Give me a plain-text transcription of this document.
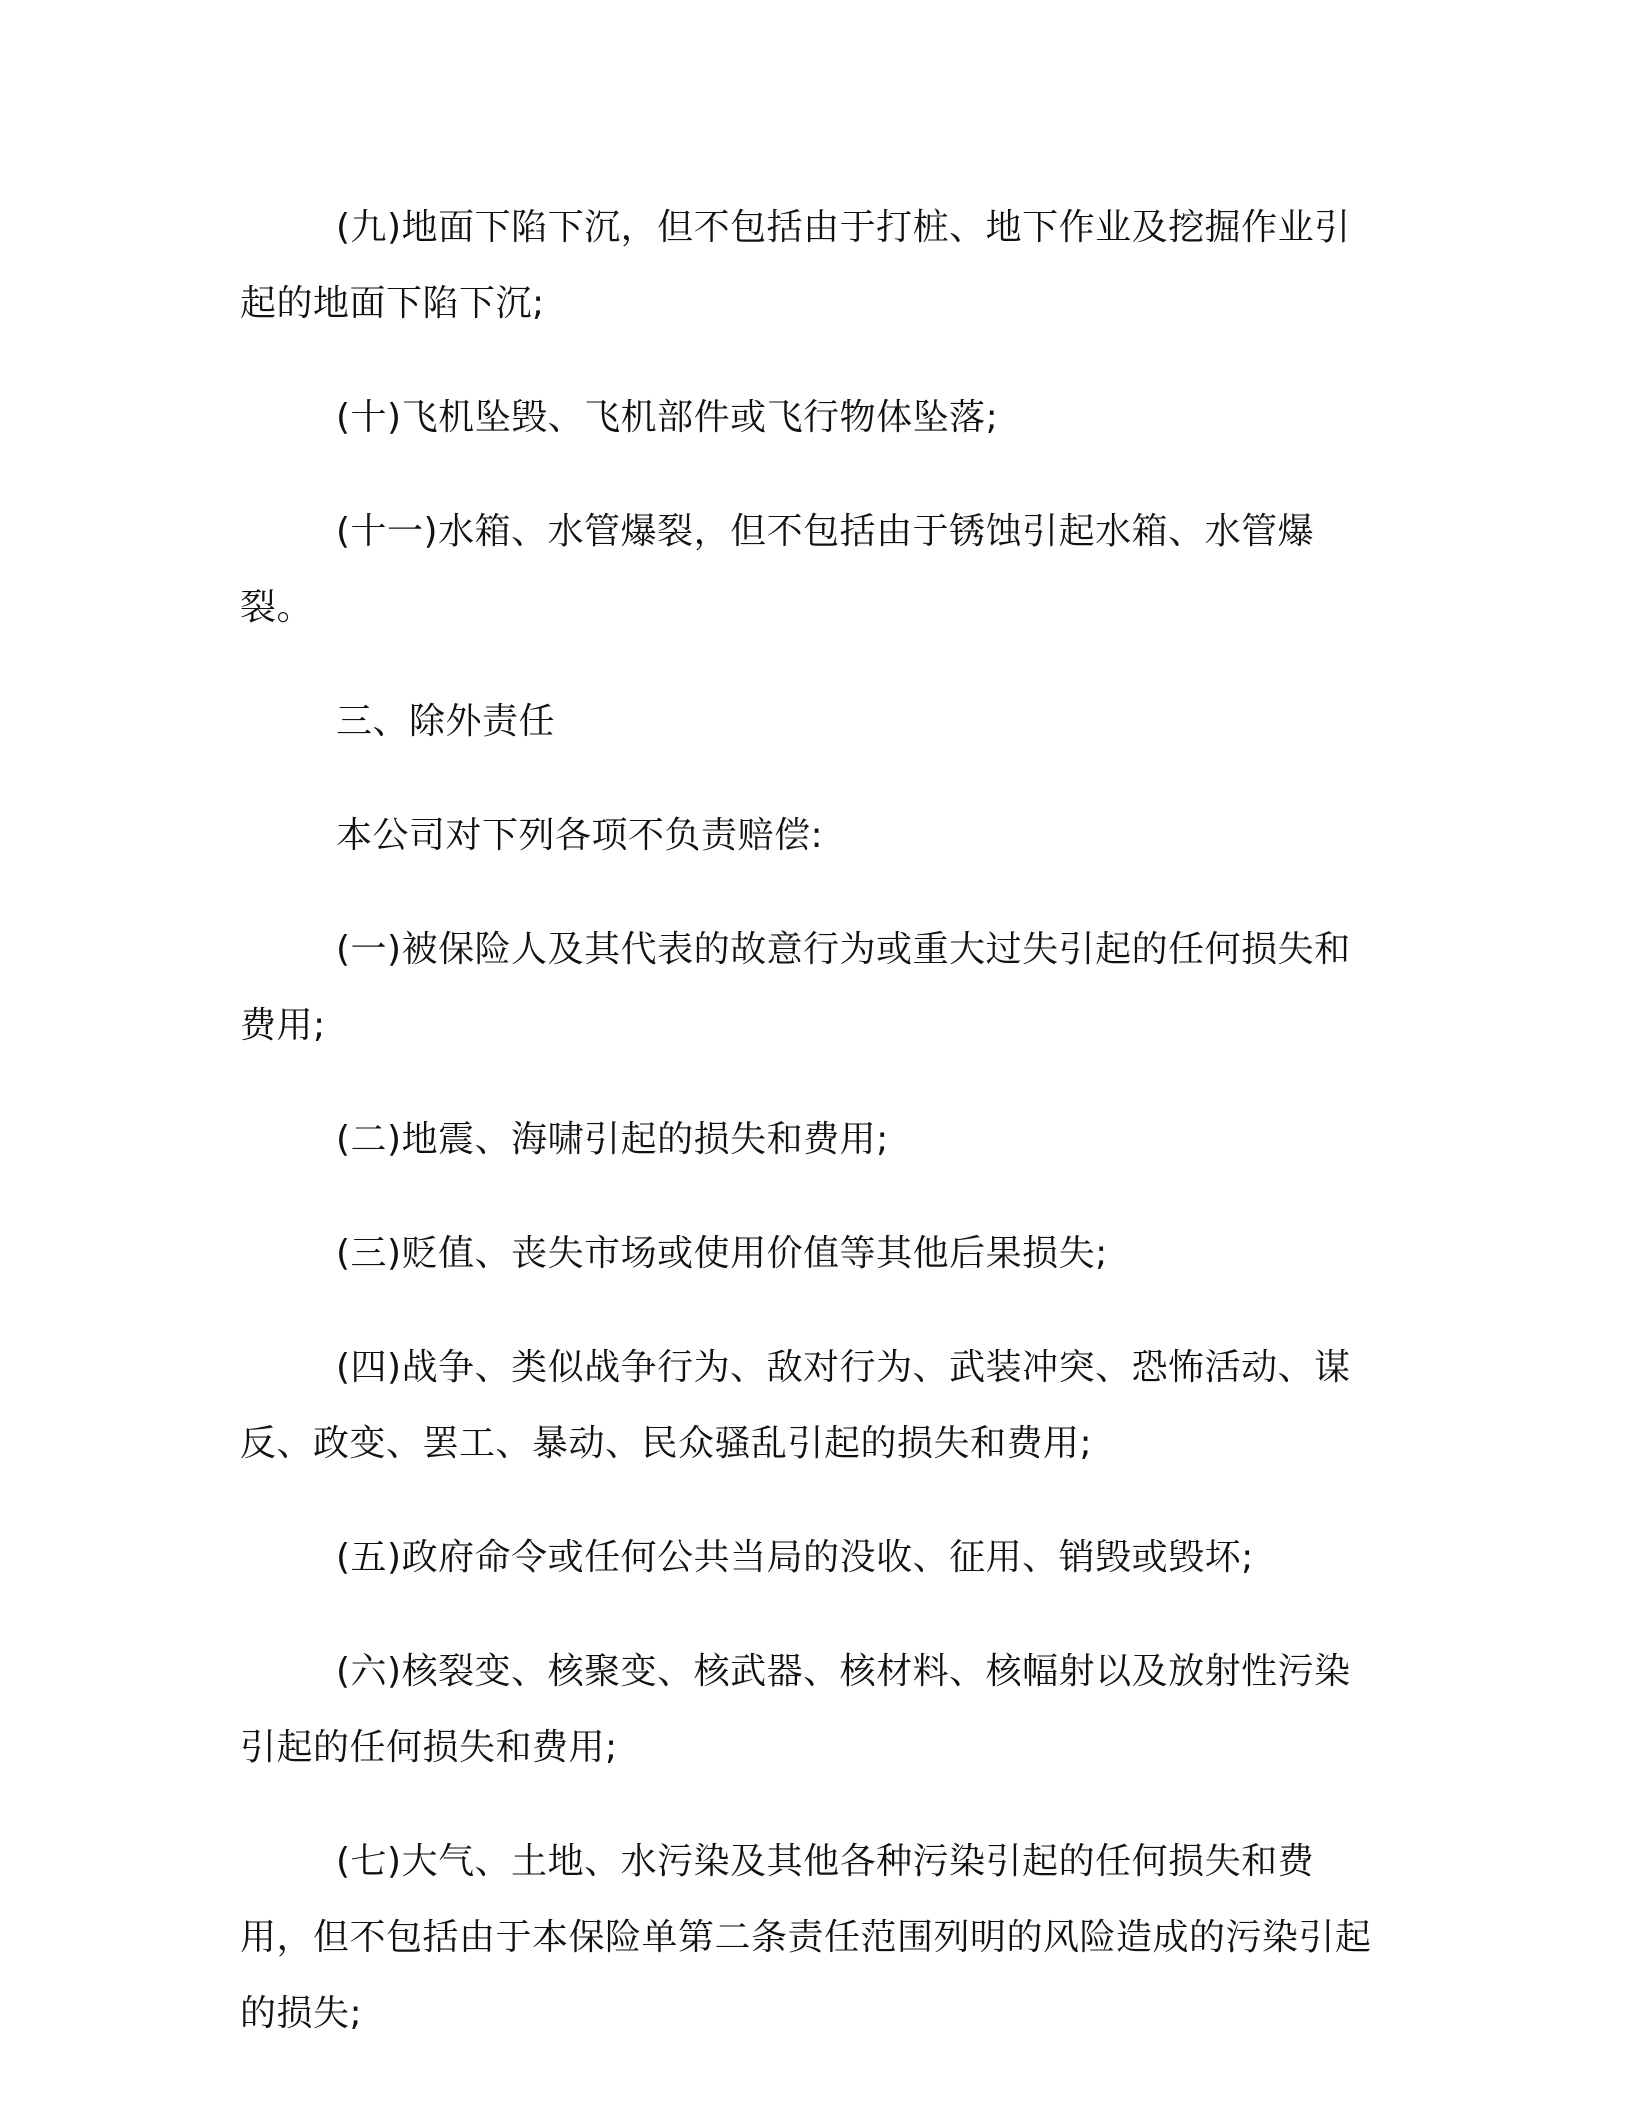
(九)地面下陷下沉，但不包括由于打桩、地下作业及挖掘作业引起的地面下陷下沉;

(十)飞机坠毁、飞机部件或飞行物体坠落;

(十一)水箱、水管爆裂，但不包括由于锈蚀引起水箱、水管爆裂。

三、除外责任

本公司对下列各项不负责赔偿:

(一)被保险人及其代表的故意行为或重大过失引起的任何损失和费用;

(二)地震、海啸引起的损失和费用;

(三)贬值、丧失市场或使用价值等其他后果损失;

(四)战争、类似战争行为、敌对行为、武装冲突、恐怖活动、谋反、政变、罢工、暴动、民众骚乱引起的损失和费用;

(五)政府命令或任何公共当局的没收、征用、销毁或毁坏;

(六)核裂变、核聚变、核武器、核材料、核幅射以及放射性污染引起的任何损失和费用;

(七)大气、土地、水污染及其他各种污染引起的任何损失和费用，但不包括由于本保险单第二条责任范围列明的风险造成的污染引起的损失;
